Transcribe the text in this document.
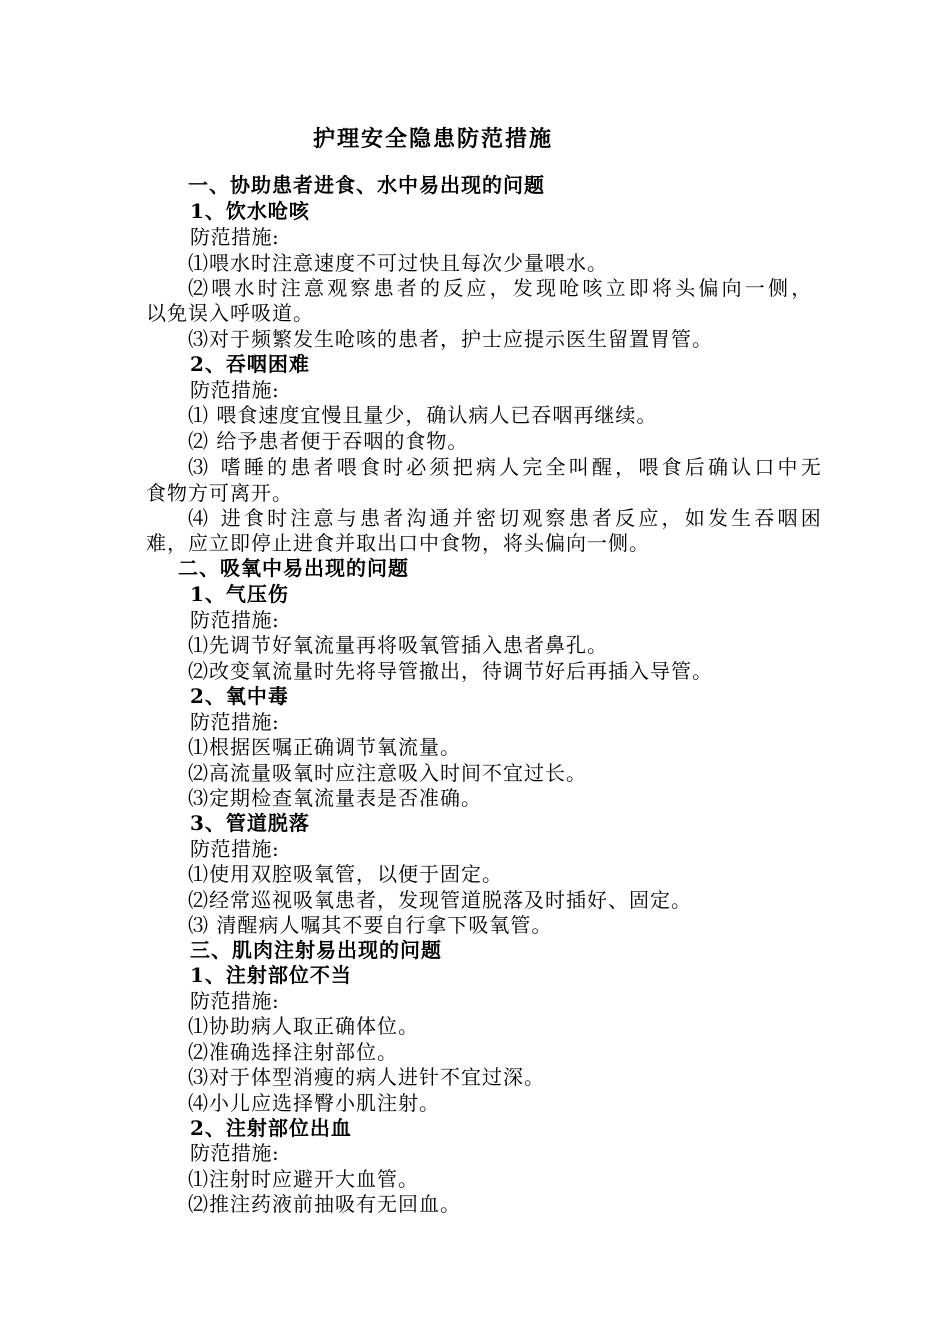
护理安全隐患防范措施

一、协助患者进食、水中易出现的问题

1、饮水呛咳

防范措施:

⑴喂水时注意速度不可过快且每次少量喂水。

⑵喂水时注意观察患者的反应，发现呛咳立即将头偏向一侧，

以免误入呼吸道。

⑶对于频繁发生呛咳的患者，护士应提示医生留置胃管。

2、吞咽困难

防范措施:

⑴ 喂食速度宜慢且量少，确认病人已吞咽再继续。

⑵ 给予患者便于吞咽的食物。

⑶ 嗜睡的患者喂食时必须把病人完全叫醒，喂食后确认口中无

食物方可离开。

⑷ 进食时注意与患者沟通并密切观察患者反应，如发生吞咽困

难，应立即停止进食并取出口中食物，将头偏向一侧。

二、吸氧中易出现的问题

1、气压伤

防范措施:

⑴先调节好氧流量再将吸氧管插入患者鼻孔。

⑵改变氧流量时先将导管撤出，待调节好后再插入导管。

2、氧中毒

防范措施:

⑴根据医嘱正确调节氧流量。

⑵高流量吸氧时应注意吸入时间不宜过长。

⑶定期检查氧流量表是否准确。

3、管道脱落

防范措施:

⑴使用双腔吸氧管，以便于固定。

⑵经常巡视吸氧患者，发现管道脱落及时插好、固定。

⑶ 清醒病人嘱其不要自行拿下吸氧管。

三、肌肉注射易出现的问题

1、注射部位不当

防范措施:

⑴协助病人取正确体位。

⑵准确选择注射部位。

⑶对于体型消瘦的病人进针不宜过深。

⑷小儿应选择臀小肌注射。

2、注射部位出血

防范措施:

⑴注射时应避开大血管。

⑵推注药液前抽吸有无回血。
